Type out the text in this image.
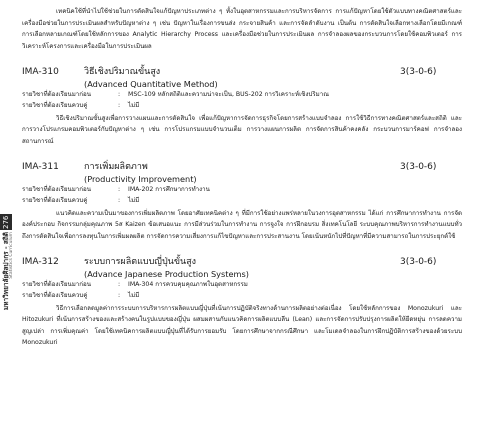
276
มหาวิทยาลัยศิลปากร - สถิติ Statistics Curriculum

เทคนิคใช้ที่นำไปใช้ช่วยในการตัดสินใจแก้ปัญหาประเภทต่าง ๆ ทั้งในอุตสาหกรรมและการบริหารจัดการ การแก้ปัญหาโดยใช้ตัวแบบทางคณิตศาสตร์และเครื่องมือช่วยในการประเมินผลสำหรับปัญหาต่าง ๆ เช่น ปัญหาในเรื่องการขนส่ง กระจายสินค้า และการจัดลำดับงาน เป็นต้น การตัดสินใจเลือกทางเลือกโดยมีเกณฑ์การเลือกหลายเกณฑ์โดยใช้หลักการของ Analytic Hierarchy Process และเครื่องมือช่วยในการประเมินผล การจำลองผลของกระบวนการโดยใช้คอมพิวเตอร์ การวิเคราะห์โครงการและเครื่องมือในการประเมินผล

IMA-310	วิธีเชิงปริมาณขั้นสูง	3(3-0-6)
(Advanced Quantitative Method)
รายวิชาที่ต้องเรียนมาก่อน	: MSC-109 หลักสถิติและความน่าจะเป็น, BUS-202 การวิเคราะห์เชิงปริมาณ
รายวิชาที่ต้องเรียนควบคู่	: ไม่มี

วิธีเชิงปริมาณขั้นสูงเพื่อการวางแผนและการตัดสินใจ เพื่อแก้ปัญหาการจัดการธุรกิจโดยการสร้างแบบจำลอง การใช้วิธีการทางคณิตศาสตร์และสถิติ และการวางโปรแกรมคอมพิวเตอร์กับปัญหาต่าง ๆ เช่น การโปรแกรมแบบจำนวนเต็ม การวางแผนการผลิต การจัดการสินค้าคงคลัง กระบวนการมาร์คอฟ การจำลองสถานการณ์

IMA-311	การเพิ่มผลิตภาพ	3(3-0-6)
(Productivity Improvement)
รายวิชาที่ต้องเรียนมาก่อน	: IMA-202 การศึกษาการทำงาน
รายวิชาที่ต้องเรียนควบคู่	: ไม่มี

แนวคิดและความเป็นมาของการเพิ่มผลิตภาพ โดยอาศัยเทคนิคต่าง ๆ ที่มีการใช้อย่างแพร่หลายในวงการอุตสาหกรรม ได้แก่ การศึกษาการทำงาน การจัดองค์ประกอบ กิจกรรมกลุ่มคุณภาพ 5ส Kaizen ข้อเสนอแนะ การมีส่วนร่วมในการทำงาน การจูงใจ การฝึกอบรม สิ่งเทคโนโลยี ระบบคุณภาพบริหารการทำงานแบบทั่วถึงการตัดสินใจเพื่อการลงทุนในการเพิ่มผลผลิต การจัดการความเสี่ยงการแก้ไขปัญหาและการประสานงาน โดยเน้นหนักไปที่ปัญหาที่มีความสามารถในการประยุกต์ใช้

IMA-312	ระบบการผลิตแบบญี่ปุ่นขั้นสูง	3(3-0-6)
(Advance Japanese Production Systems)
รายวิชาที่ต้องเรียนมาก่อน	: IMA-304 การควบคุมคุณภาพในอุตสาหกรรม
รายวิชาที่ต้องเรียนควบคู่	: ไม่มี

วิธีการเลือกลดมูลค่าการระบบการบริหารการผลิตแบบญี่ปุ่นที่เน้นการปฏิบัติจริงทางด้านการผลิตอย่างต่อเนื่อง โดยใช้หลักการของ Monozukuri และ Hitozukuri ที่เน้นการสร้างของและสร้างคนในรูปแบบของญี่ปุ่น ผสมผสานกับแนวคิดการผลิตแบบลีน (Lean) และการจัดการปรับปรุงการผลิตให้ยืดหยุ่น การลดความสูญเปล่า การเพิ่มคุณค่า โดยใช้เทคนิคการผลิตแบบญี่ปุ่นที่ได้รับการยอมรับ โดยการศึกษาจากกรณีศึกษา และโมเดลจำลองในการฝึกปฏิบัติการสร้างของด้วยระบบ Monozukuri
